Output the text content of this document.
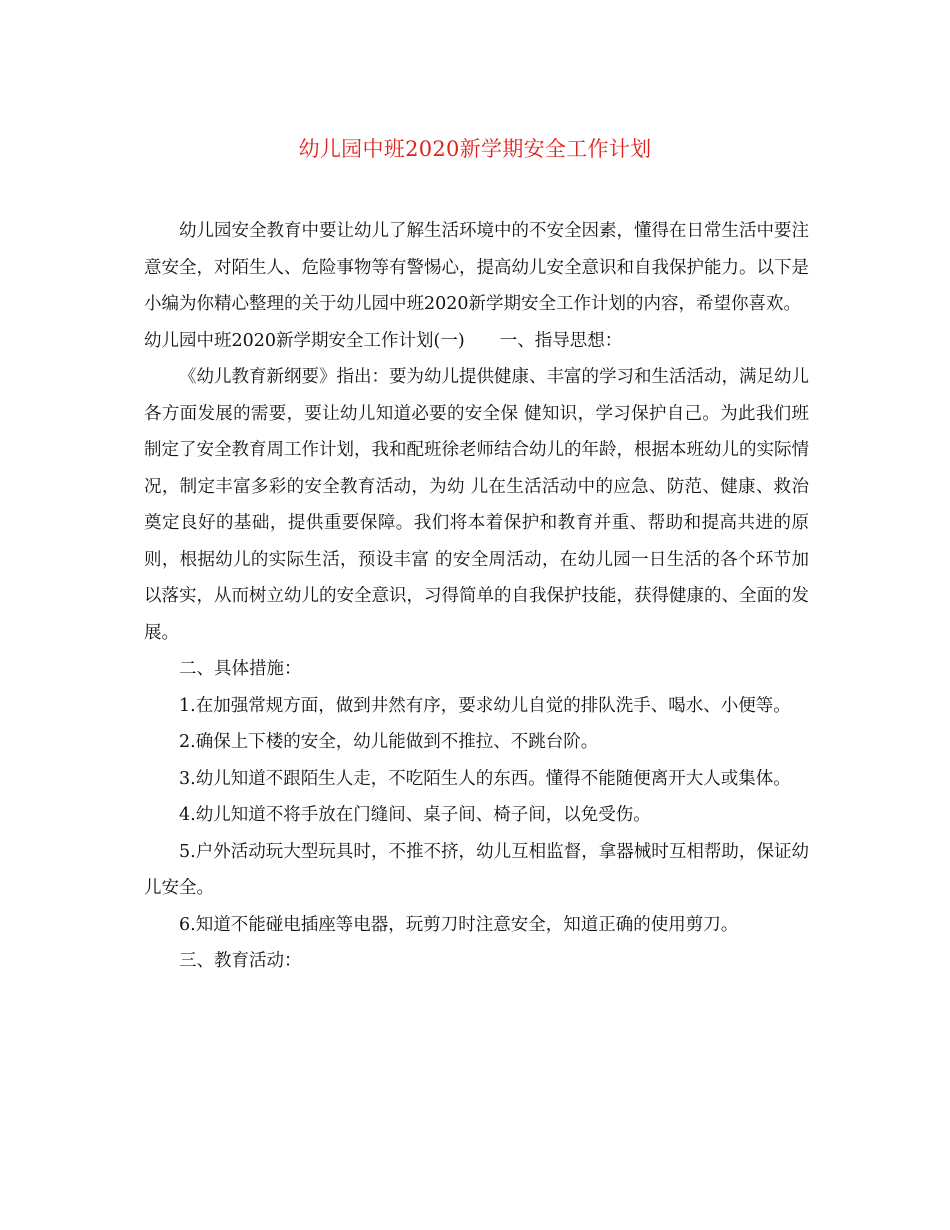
幼儿园中班2020新学期安全工作计划

幼儿园安全教育中要让幼儿了解生活环境中的不安全因素，懂得在日常生活中要注意安全，对陌生人、危险事物等有警惕心，提高幼儿安全意识和自我保护能力。以下是小编为你精心整理的关于幼儿园中班2020新学期安全工作计划的内容，希望你喜欢。

幼儿园中班2020新学期安全工作计划(一)　　一、指导思想：

《幼儿教育新纲要》指出：要为幼儿提供健康、丰富的学习和生活活动，满足幼儿各方面发展的需要，要让幼儿知道必要的安全保 健知识，学习保护自己。为此我们班制定了安全教育周工作计划，我和配班徐老师结合幼儿的年龄，根据本班幼儿的实际情况，制定丰富多彩的安全教育活动，为幼 儿在生活活动中的应急、防范、健康、救治奠定良好的基础，提供重要保障。我们将本着保护和教育并重、帮助和提高共进的原则，根据幼儿的实际生活，预设丰富 的安全周活动，在幼儿园一日生活的各个环节加以落实，从而树立幼儿的安全意识，习得简单的自我保护技能，获得健康的、全面的发展。

二、具体措施：

1.在加强常规方面，做到井然有序，要求幼儿自觉的排队洗手、喝水、小便等。

2.确保上下楼的安全，幼儿能做到不推拉、不跳台阶。

3.幼儿知道不跟陌生人走，不吃陌生人的东西。懂得不能随便离开大人或集体。

4.幼儿知道不将手放在门缝间、桌子间、椅子间，以免受伤。

5.户外活动玩大型玩具时，不推不挤，幼儿互相监督，拿器械时互相帮助，保证幼儿安全。

6.知道不能碰电插座等电器，玩剪刀时注意安全，知道正确的使用剪刀。

三、教育活动：
